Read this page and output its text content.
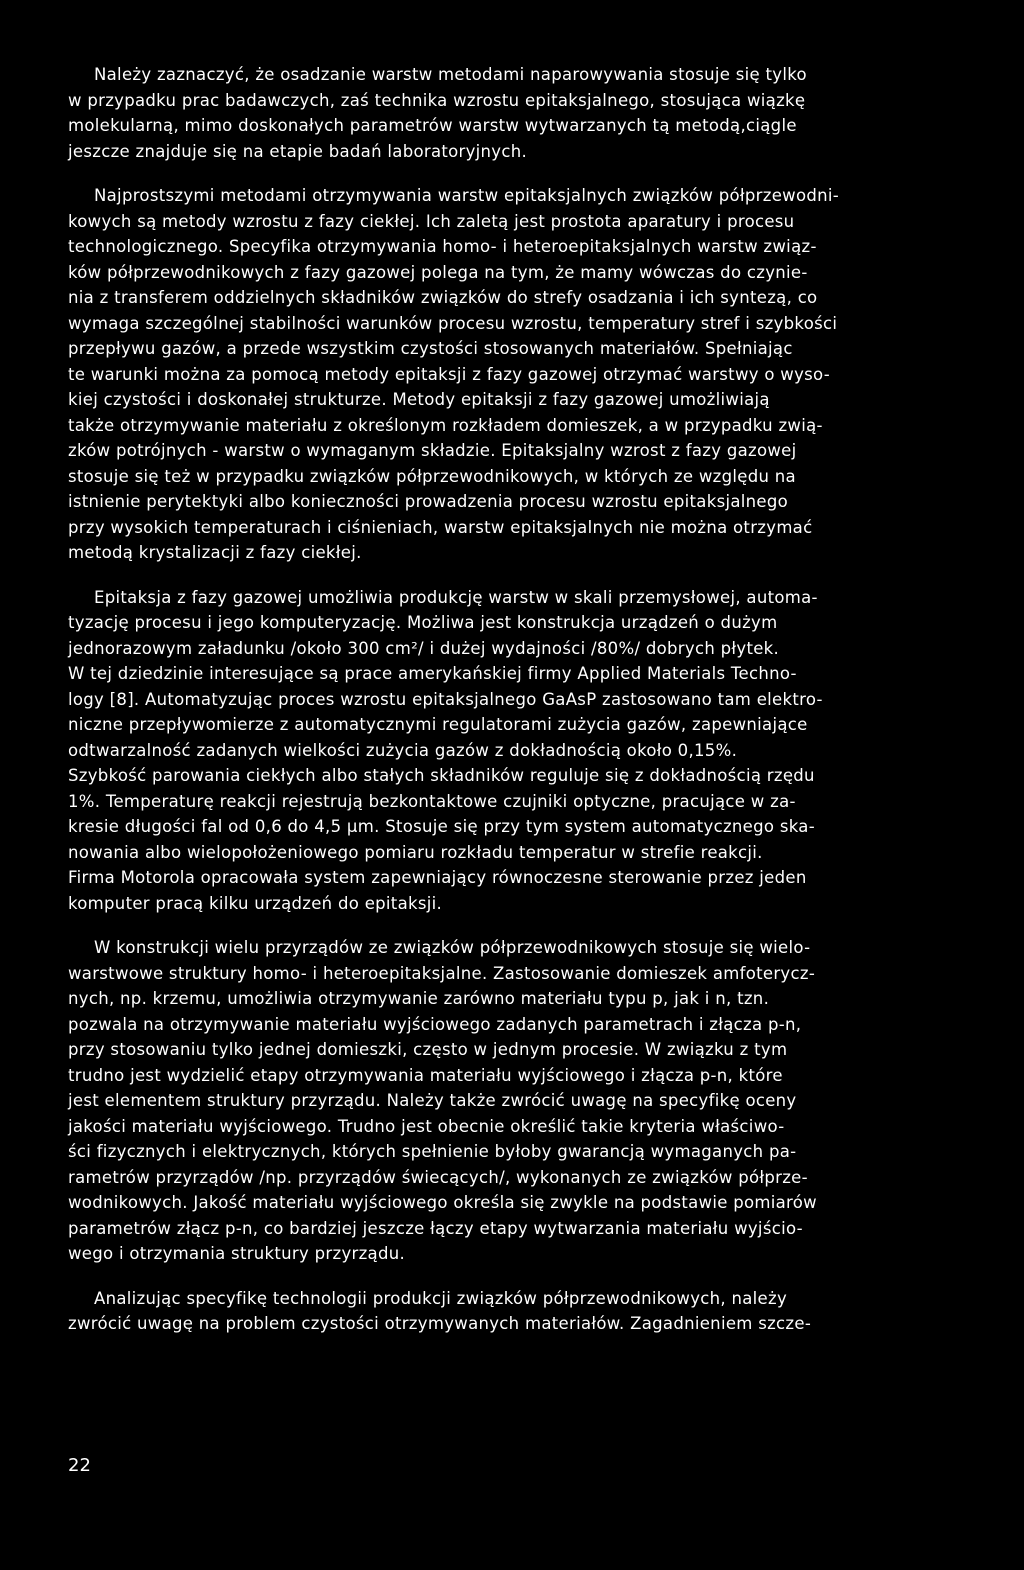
Należy zaznaczyć, że osadzanie warstw metodami naparowywania stosuje się tylko
w przypadku prac badawczych, zaś technika wzrostu epitaksjalnego, stosująca wiązkę
molekularną, mimo doskonałych parametrów warstw wytwarzanych tą metodą,ciągle
jeszcze znajduje się na etapie badań laboratoryjnych.

Najprostszymi metodami otrzymywania warstw epitaksjalnych związków półprzewodni-
kowych są metody wzrostu z fazy ciekłej. Ich zaletą jest prostota aparatury i procesu
technologicznego. Specyfika otrzymywania homo- i heteroepitaksjalnych warstw związ-
ków półprzewodnikowych z fazy gazowej polega na tym, że mamy wówczas do czynie-
nia z transferem oddzielnych składników związków do strefy osadzania i ich syntezą, co
wymaga szczególnej stabilności warunków procesu wzrostu, temperatury stref i szybkości
przepływu gazów, a przede wszystkim czystości stosowanych materiałów. Spełniając
te warunki można za pomocą metody epitaksji z fazy gazowej otrzymać warstwy o wyso-
kiej czystości i doskonałej strukturze. Metody epitaksji z fazy gazowej umożliwiają
także otrzymywanie materiału z określonym rozkładem domieszek, a w przypadku zwią-
zków potrójnych - warstw o wymaganym składzie. Epitaksjalny wzrost z fazy gazowej
stosuje się też w przypadku związków półprzewodnikowych, w których ze względu na
istnienie perytektyki albo konieczności prowadzenia procesu wzrostu epitaksjalnego
przy wysokich temperaturach i ciśnieniach, warstw epitaksjalnych nie można otrzymać
metodą krystalizacji z fazy ciekłej.

Epitaksja z fazy gazowej umożliwia produkcję warstw w skali przemysłowej, automa-
tyzację procesu i jego komputeryzację. Możliwa jest konstrukcja urządzeń o dużym
jednorazowym załadunku /około 300 cm²/ i dużej wydajności /80%/ dobrych płytek.
W tej dziedzinie interesujące są prace amerykańskiej firmy Applied Materials Techno-
logy [8]. Automatyzując proces wzrostu epitaksjalnego GaAsP zastosowano tam elektro-
niczne przepływomierze z automatycznymi regulatorami zużycia gazów, zapewniające
odtwarzalność zadanych wielkości zużycia gazów z dokładnością około 0,15%.
Szybkość parowania ciekłych albo stałych składników reguluje się z dokładnością rzędu
1%. Temperaturę reakcji rejestrują bezkontaktowe czujniki optyczne, pracujące w za-
kresie długości fal od 0,6 do 4,5 μm. Stosuje się przy tym system automatycznego ska-
nowania albo wielopołożeniowego pomiaru rozkładu temperatur w strefie reakcji.
Firma Motorola opracowała system zapewniający równoczesne sterowanie przez jeden
komputer pracą kilku urządzeń do epitaksji.

W konstrukcji wielu przyrządów ze związków półprzewodnikowych stosuje się wielo-
warstwowe struktury homo- i heteroepitaksjalne. Zastosowanie domieszek amfoterycz-
nych, np. krzemu, umożliwia otrzymywanie zarówno materiału typu p, jak i n, tzn.
pozwala na otrzymywanie materiału wyjściowego zadanych parametrach i złącza p-n,
przy stosowaniu tylko jednej domieszki, często w jednym procesie. W związku z tym
trudno jest wydzielić etapy otrzymywania materiału wyjściowego i złącza p-n, które
jest elementem struktury przyrządu. Należy także zwrócić uwagę na specyfikę oceny
jakości materiału wyjściowego. Trudno jest obecnie określić takie kryteria właściwo-
ści fizycznych i elektrycznych, których spełnienie byłoby gwarancją wymaganych pa-
rametrów przyrządów /np. przyrządów świecących/, wykonanych ze związków półprze-
wodnikowych. Jakość materiału wyjściowego określa się zwykle na podstawie pomiarów
parametrów złącz p-n, co bardziej jeszcze łączy etapy wytwarzania materiału wyjścio-
wego i otrzymania struktury przyrządu.

Analizując specyfikę technologii produkcji związków półprzewodnikowych, należy
zwrócić uwagę na problem czystości otrzymywanych materiałów. Zagadnieniem szcze-

22
